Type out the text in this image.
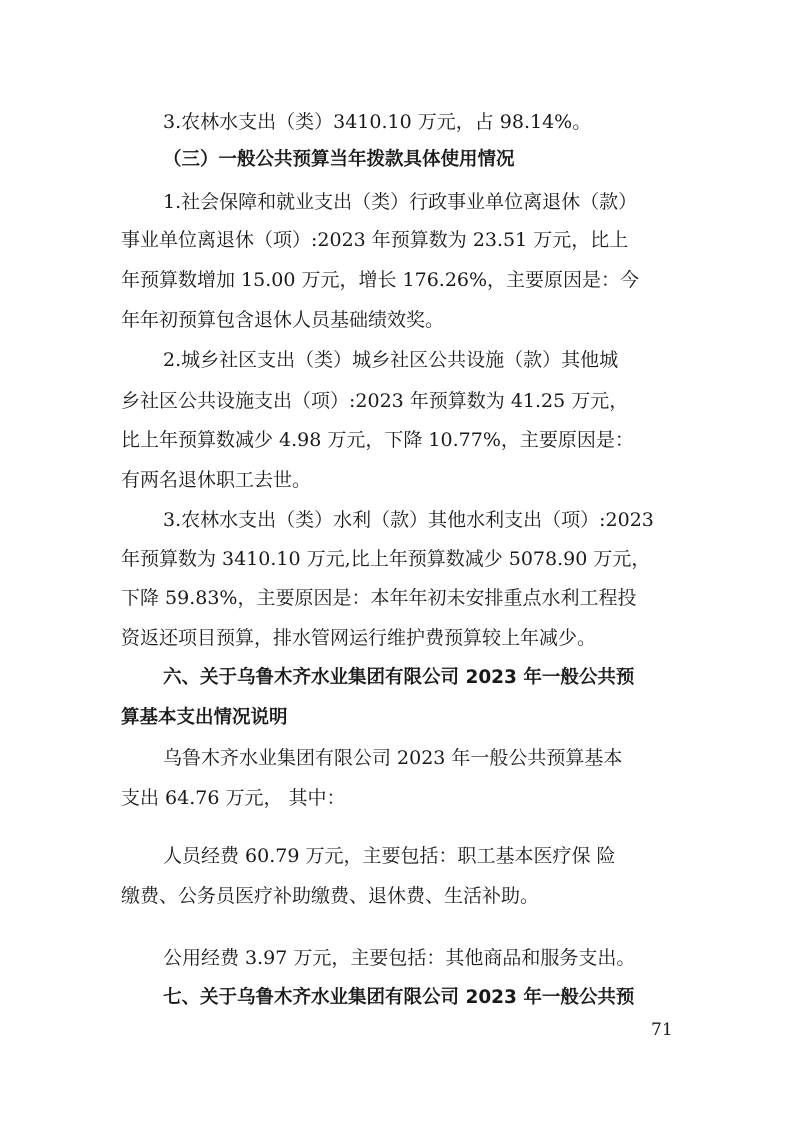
3.农林水支出（类）3410.10 万元，占 98.14%。
（三）一般公共预算当年拨款具体使用情况
1.社会保障和就业支出（类）行政事业单位离退休（款）
事业单位离退休（项）:2023 年预算数为 23.51 万元，比上
年预算数增加 15.00 万元，增长 176.26%，主要原因是：今
年年初预算包含退休人员基础绩效奖。
2.城乡社区支出（类）城乡社区公共设施（款）其他城
乡社区公共设施支出（项）:2023 年预算数为 41.25 万元，
比上年预算数减少 4.98 万元，下降 10.77%，主要原因是：
有两名退休职工去世。
3.农林水支出（类）水利（款）其他水利支出（项）:2023
年预算数为 3410.10 万元,比上年预算数减少 5078.90 万元，
下降 59.83%，主要原因是：本年年初未安排重点水利工程投
资返还项目预算，排水管网运行维护费预算较上年减少。
六、关于乌鲁木齐水业集团有限公司 2023 年一般公共预
算基本支出情况说明
乌鲁木齐水业集团有限公司 2023 年一般公共预算基本
支出 64.76 万元， 其中：
人员经费 60.79 万元，主要包括：职工基本医疗保 险
缴费、公务员医疗补助缴费、退休费、生活补助。
公用经费 3.97 万元，主要包括：其他商品和服务支出。
七、关于乌鲁木齐水业集团有限公司 2023 年一般公共预
71
